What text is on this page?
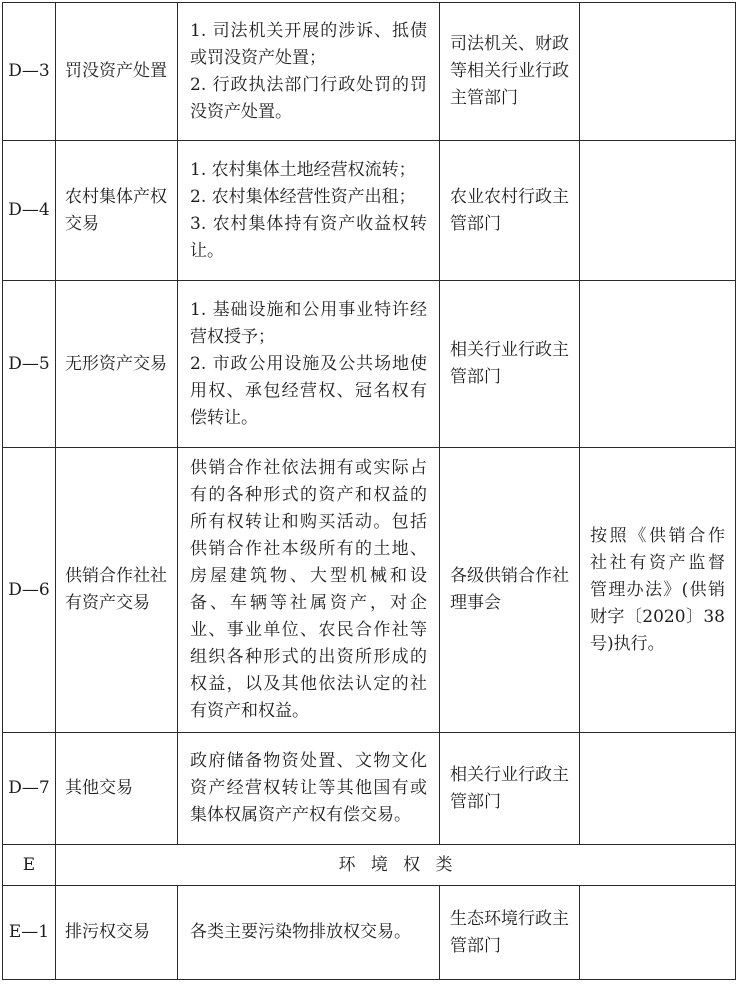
D—3	罚没资产处置	1. 司法机关开展的涉诉、抵债或罚没资产处置；

2. 行政执法部门行政处罚的罚没资产处置。	司法机关、财政等相关行业行政主管部门	
D—4	农村集体产权交易	1. 农村集体土地经营权流转；

2. 农村集体经营性资产出租；

3. 农村集体持有资产收益权转让。	农业农村行政主管部门	
D—5	无形资产交易	1. 基础设施和公用事业特许经营权授予；

2. 市政公用设施及公共场地使用权、承包经营权、冠名权有偿转让。	相关行业行政主管部门	
D—6	供销合作社社有资产交易	供销合作社依法拥有或实际占有的各种形式的资产和权益的所有权转让和购买活动。包括供销合作社本级所有的土地、房屋建筑物、大型机械和设备、车辆等社属资产，对企业、事业单位、农民合作社等组织各种形式的出资所形成的权益，以及其他依法认定的社有资产和权益。	各级供销合作社理事会	按照《供销合作社社有资产监督管理办法》(供销财字〔2020〕38号)执行。
D—7	其他交易	政府储备物资处置、文物文化资产经营权转让等其他国有或集体权属资产产权有偿交易。	相关行业行政主管部门	
E	环境权类			
E—1	排污权交易	各类主要污染物排放权交易。	生态环境行政主管部门	
